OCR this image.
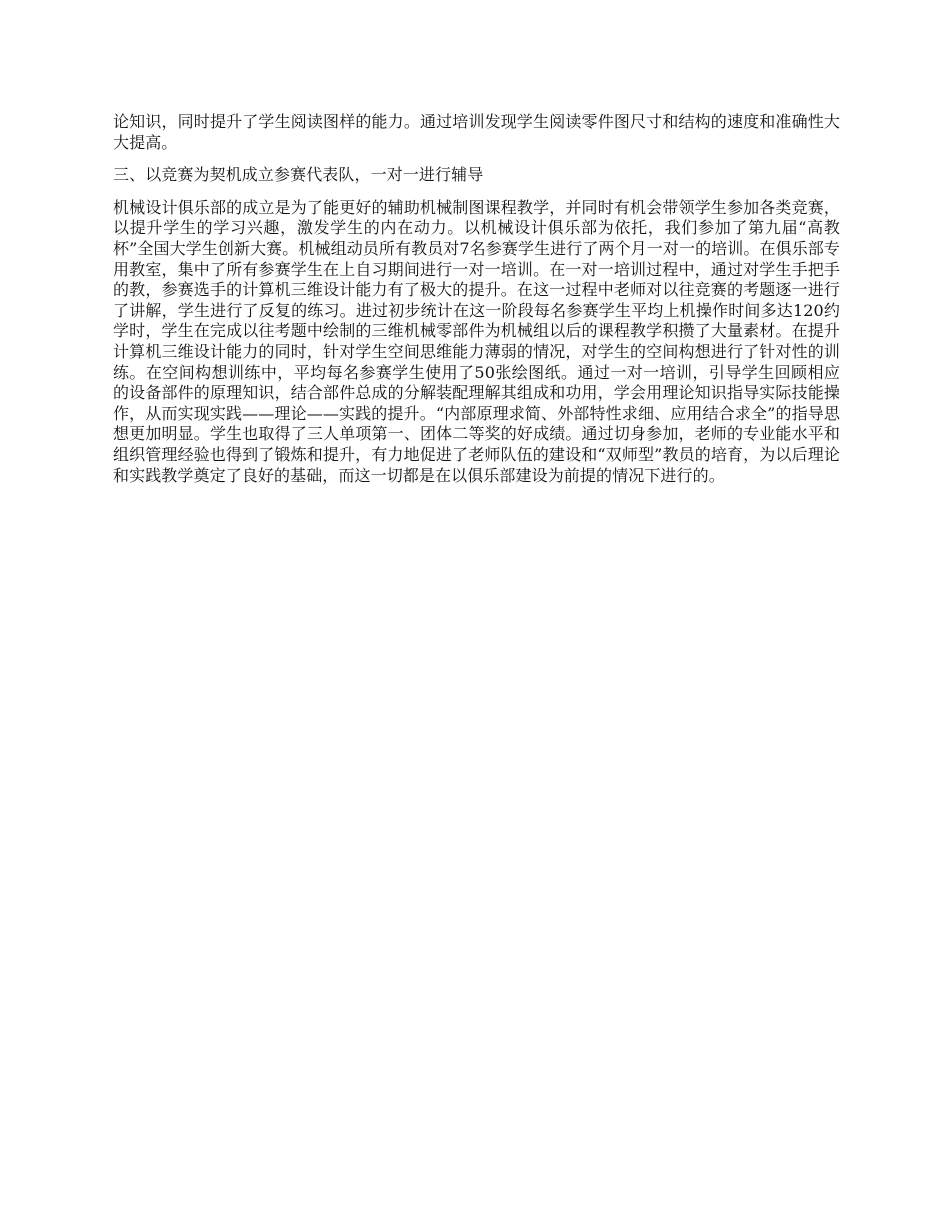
论知识，同时提升了学生阅读图样的能力。通过培训发现学生阅读零件图尺寸和结构的速度和准确性大大提高。

三、以竞赛为契机成立参赛代表队，一对一进行辅导

机械设计俱乐部的成立是为了能更好的辅助机械制图课程教学，并同时有机会带领学生参加各类竞赛，以提升学生的学习兴趣，激发学生的内在动力。以机械设计俱乐部为依托，我们参加了第九届“高教杯”全国大学生创新大赛。机械组动员所有教员对7名参赛学生进行了两个月一对一的培训。在俱乐部专用教室，集中了所有参赛学生在上自习期间进行一对一培训。在一对一培训过程中，通过对学生手把手的教，参赛选手的计算机三维设计能力有了极大的提升。在这一过程中老师对以往竞赛的考题逐一进行了讲解，学生进行了反复的练习。进过初步统计在这一阶段每名参赛学生平均上机操作时间多达120约学时，学生在完成以往考题中绘制的三维机械零部件为机械组以后的课程教学积攒了大量素材。在提升计算机三维设计能力的同时，针对学生空间思维能力薄弱的情况，对学生的空间构想进行了针对性的训练。在空间构想训练中，平均每名参赛学生使用了50张绘图纸。通过一对一培训，引导学生回顾相应的设备部件的原理知识，结合部件总成的分解装配理解其组成和功用，学会用理论知识指导实际技能操作，从而实现实践——理论——实践的提升。“内部原理求简、外部特性求细、应用结合求全”的指导思想更加明显。学生也取得了三人单项第一、团体二等奖的好成绩。通过切身参加，老师的专业能水平和组织管理经验也得到了锻炼和提升，有力地促进了老师队伍的建设和“双师型”教员的培育，为以后理论和实践教学奠定了良好的基础，而这一切都是在以俱乐部建设为前提的情况下进行的。
